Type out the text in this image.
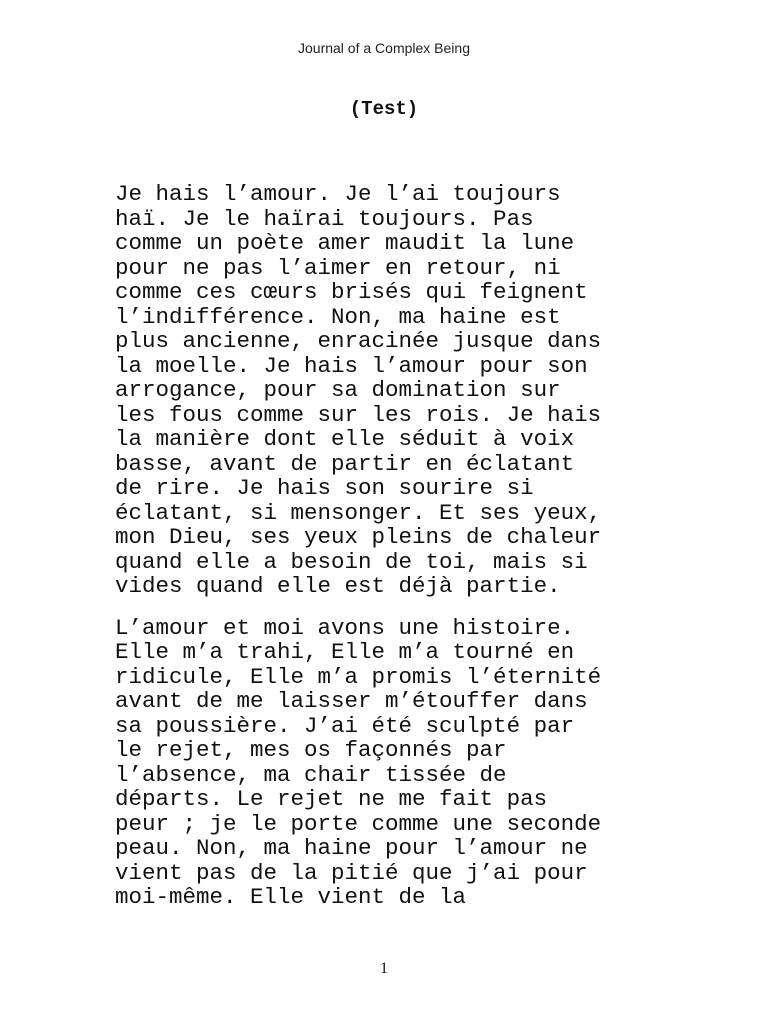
Journal of a Complex Being
(Test)

Je hais l’amour. Je l’ai toujours
haï. Je le haïrai toujours. Pas
comme un poète amer maudit la lune
pour ne pas l’aimer en retour, ni
comme ces cœurs brisés qui feignent
l’indifférence. Non, ma haine est
plus ancienne, enracinée jusque dans
la moelle. Je hais l’amour pour son
arrogance, pour sa domination sur
les fous comme sur les rois. Je hais
la manière dont elle séduit à voix
basse, avant de partir en éclatant
de rire. Je hais son sourire si
éclatant, si mensonger. Et ses yeux,
mon Dieu, ses yeux pleins de chaleur
quand elle a besoin de toi, mais si
vides quand elle est déjà partie.

L’amour et moi avons une histoire.
Elle m’a trahi, Elle m’a tourné en
ridicule, Elle m’a promis l’éternité
avant de me laisser m’étouffer dans
sa poussière. J’ai été sculpté par
le rejet, mes os façonnés par
l’absence, ma chair tissée de
départs. Le rejet ne me fait pas
peur ; je le porte comme une seconde
peau. Non, ma haine pour l’amour ne
vient pas de la pitié que j’ai pour
moi-même. Elle vient de la

1
